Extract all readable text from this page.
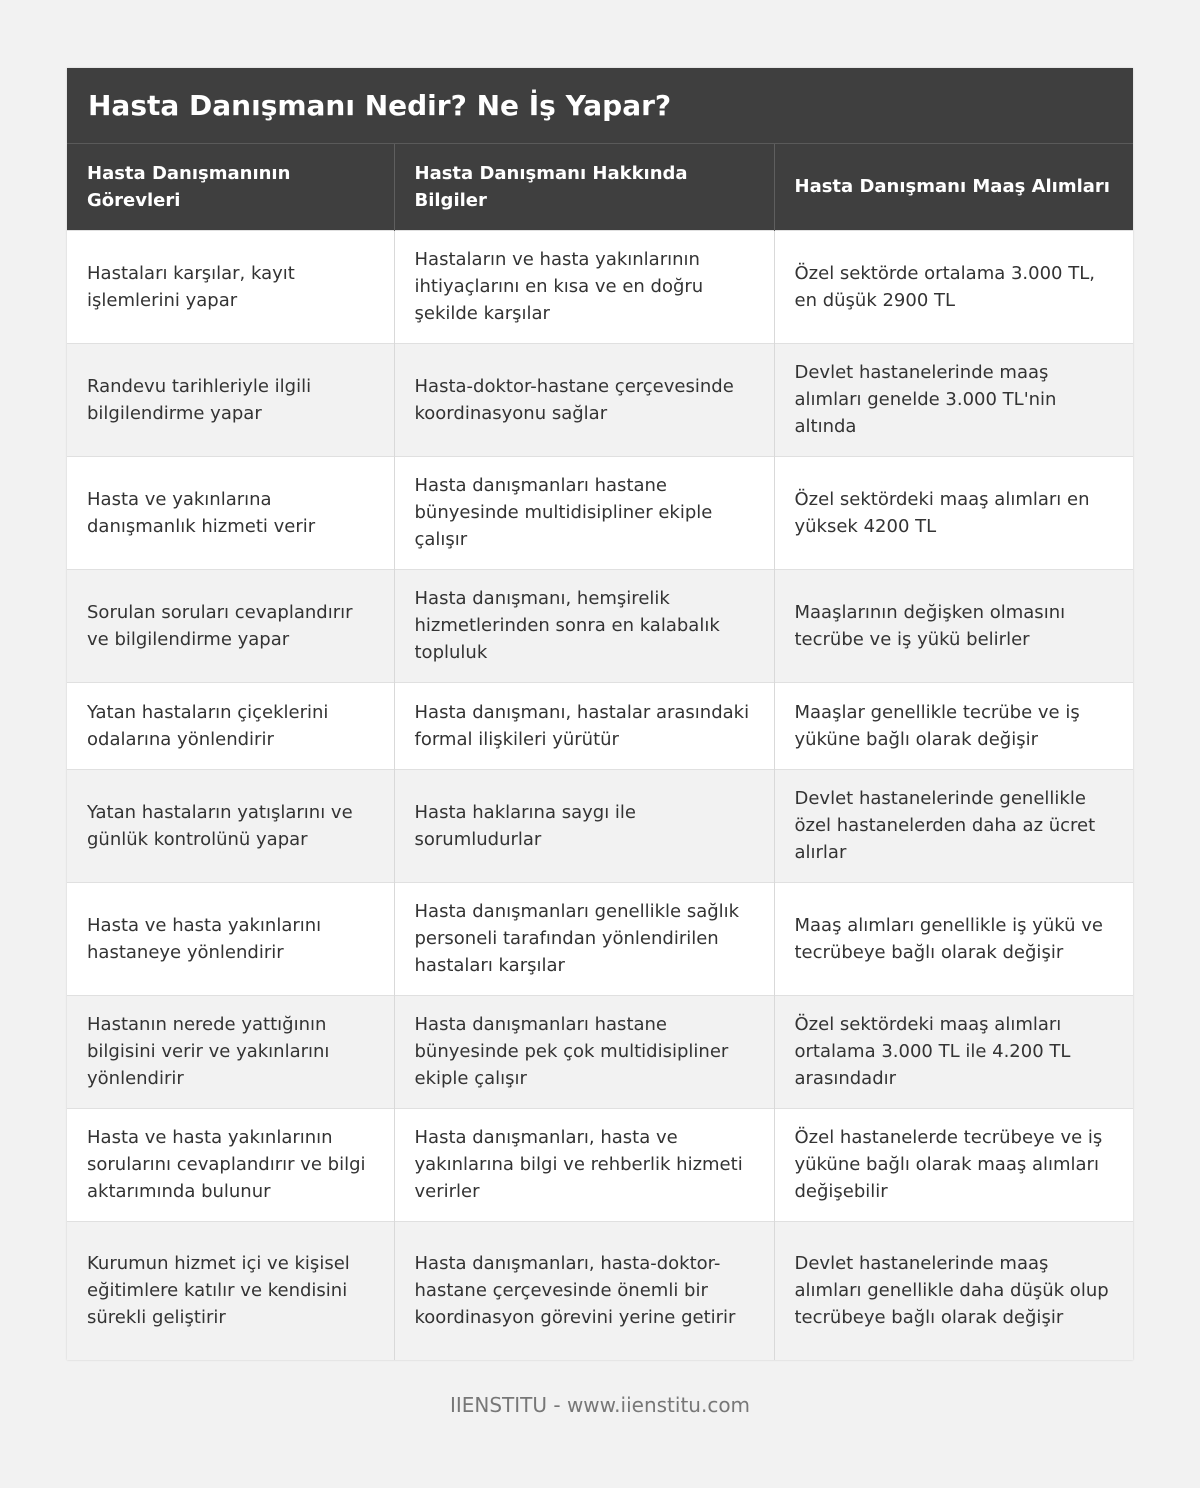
Hasta Danışmanı Nedir? Ne İş Yapar?
Hasta Danışmanının Görevleri	Hasta Danışmanı Hakkında Bilgiler	Hasta Danışmanı Maaş Alımları
Hastaları karşılar, kayıt işlemlerini yapar	Hastaların ve hasta yakınlarının ihtiyaçlarını en kısa ve en doğru şekilde karşılar	Özel sektörde ortalama 3.000 TL, en düşük 2900 TL
Randevu tarihleriyle ilgili bilgilendirme yapar	Hasta-doktor-hastane çerçevesinde koordinasyonu sağlar	Devlet hastanelerinde maaş alımları genelde 3.000 TL'nin altında
Hasta ve yakınlarına danışmanlık hizmeti verir	Hasta danışmanları hastane bünyesinde multidisipliner ekiple çalışır	Özel sektördeki maaş alımları en yüksek 4200 TL
Sorulan soruları cevaplandırır ve bilgilendirme yapar	Hasta danışmanı, hemşirelik hizmetlerinden sonra en kalabalık topluluk	Maaşlarının değişken olmasını tecrübe ve iş yükü belirler
Yatan hastaların çiçeklerini odalarına yönlendirir	Hasta danışmanı, hastalar arasındaki formal ilişkileri yürütür	Maaşlar genellikle tecrübe ve iş yüküne bağlı olarak değişir
Yatan hastaların yatışlarını ve günlük kontrolünü yapar	Hasta haklarına saygı ile sorumludurlar	Devlet hastanelerinde genellikle özel hastanelerden daha az ücret alırlar
Hasta ve hasta yakınlarını hastaneye yönlendirir	Hasta danışmanları genellikle sağlık personeli tarafından yönlendirilen hastaları karşılar	Maaş alımları genellikle iş yükü ve tecrübeye bağlı olarak değişir
Hastanın nerede yattığının bilgisini verir ve yakınlarını yönlendirir	Hasta danışmanları hastane bünyesinde pek çok multidisipliner ekiple çalışır	Özel sektördeki maaş alımları ortalama 3.000 TL ile 4.200 TL arasındadır
Hasta ve hasta yakınlarının sorularını cevaplandırır ve bilgi aktarımında bulunur	Hasta danışmanları, hasta ve yakınlarına bilgi ve rehberlik hizmeti verirler	Özel hastanelerde tecrübeye ve iş yüküne bağlı olarak maaş alımları değişebilir
Kurumun hizmet içi ve kişisel eğitimlere katılır ve kendisini sürekli geliştirir	Hasta danışmanları, hasta-doktor-hastane çerçevesinde önemli bir koordinasyon görevini yerine getirir	Devlet hastanelerinde maaş alımları genellikle daha düşük olup tecrübeye bağlı olarak değişir
IIENSTITU - www.iienstitu.com
